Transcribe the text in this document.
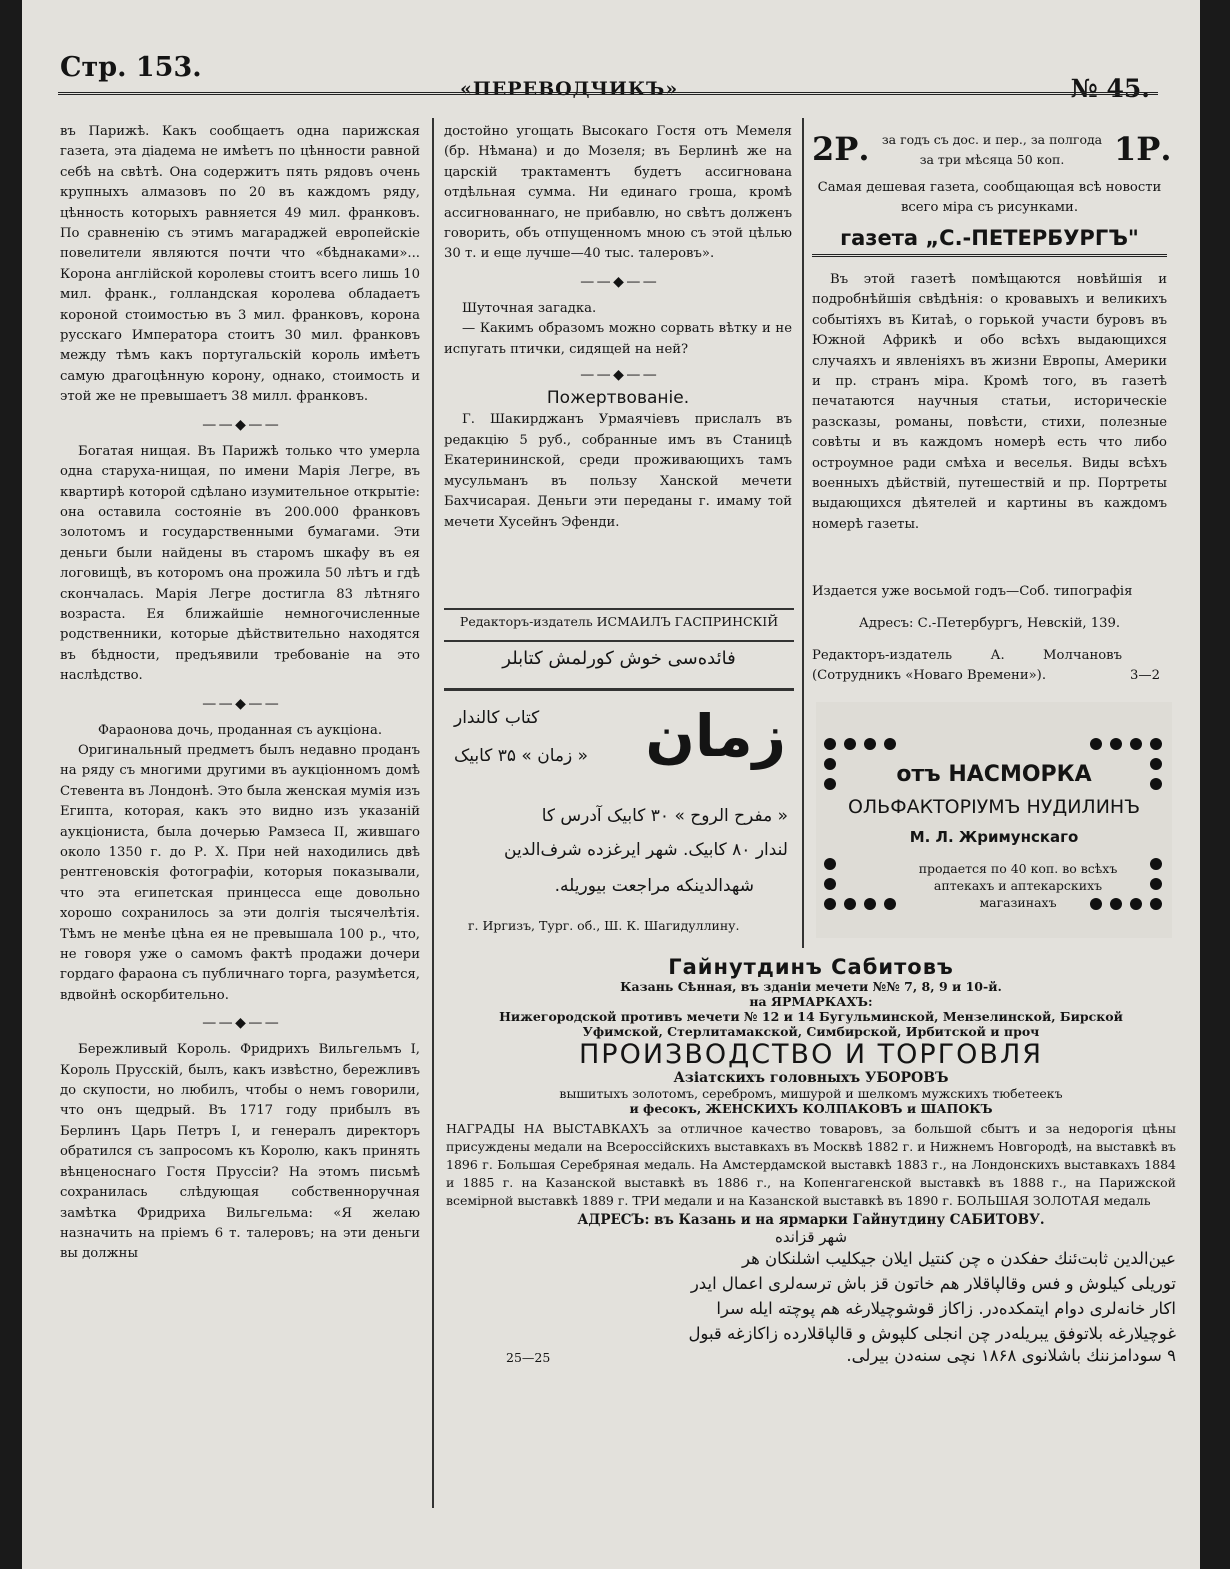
Стр. 153.
«ПЕРЕВОДЧИКЪ»	№ 45.

въ Парижѣ. Какъ сообщаетъ одна парижская газета, эта діадема не имѣетъ по цѣнности равной себѣ на свѣтѣ. Она содержитъ пять рядовъ очень крупныхъ алмазовъ по 20 въ каждомъ ряду, цѣнность которыхъ равняется 49 мил. франковъ. По сравненію съ этимъ магараджей европейскіе повелители являются почти что «бѣднаками»... Корона англійской королевы стоитъ всего лишь 10 мил. франк., голландская королева обладаетъ короной стоимостью въ 3 мил. франковъ, корона русскаго Императора стоитъ 30 мил. франковъ между тѣмъ какъ португальскій король имѣетъ самую драгоцѣнную корону, однако, стоимость и этой же не превышаетъ 38 милл. франковъ.

— — ◆ — —

Богатая нищая. Въ Парижѣ только что умерла одна старуха-нищая, по имени Марія Легре, въ квартирѣ которой сдѣлано изумительное открытіе: она оставила состояніе въ 200.000 франковъ золотомъ и государственными бумагами. Эти деньги были найдены въ старомъ шкафу въ ея логовищѣ, въ которомъ она прожила 50 лѣтъ и гдѣ скончалась. Марія Легре достигла 83 лѣтняго возраста. Ея ближайшіе немногочисленные родственники, которые дѣйствительно находятся въ бѣдности, предъявили требованіе на это наслѣдство.

— — ◆ — —
Фараонова дочь, проданная съ аукціона.

Оригинальный предметъ былъ недавно проданъ на ряду съ многими другими въ аукціонномъ домѣ Стевента въ Лондонѣ. Это была женская мумія изъ Египта, которая, какъ это видно изъ указаній аукціониста, была дочерью Рамзеса II, жившаго около 1350 г. до Р. Х. При ней находились двѣ рентгеновскія фотографіи, которыя показывали, что эта египетская принцесса еще довольно хорошо сохранилось за эти долгія тысячелѣтія. Тѣмъ не менѣе цѣна ея не превышала 100 р., что, не говоря уже о самомъ фактѣ продажи дочери гордаго фараона съ публичнаго торга, разумѣется, вдвойнѣ оскорбительно.

— — ◆ — —

Бережливый Король. Фридрихъ Вильгельмъ I, Король Прусскій, былъ, какъ извѣстно, бережливъ до скупости, но любилъ, чтобы о немъ говорили, что онъ щедрый. Въ 1717 году прибылъ въ Берлинъ Царь Петръ I, и генералъ директоръ обратился съ запросомъ къ Королю, какъ принять вѣнценоснаго Гостя Пруссіи? На этомъ письмѣ сохранилась слѣдующая собственноручная замѣтка Фридриха Вильгельма: «Я желаю назначить на пріемъ 6 т. талеровъ; на эти деньги вы должны

достойно угощать Высокаго Гостя отъ Мемеля (бр. Нѣмана) и до Мозеля; въ Берлинѣ же на царскій трактаментъ будетъ ассигнована отдѣльная сумма. Ни единаго гроша, кромѣ ассигнованнаго, не прибавлю, но свѣтъ долженъ говорить, объ отпущенномъ мною съ этой цѣлью 30 т. и еще лучше—40 тыс. талеровъ».

— — ◆ — —
Шуточная загадка.

— Какимъ образомъ можно сорвать вѣтку и не испугать птички, сидящей на ней?

— — ◆ — —
Пожертвованіе.

Г. Шакирджанъ Урмаячіевъ прислалъ въ редакцію 5 руб., собранные имъ въ Станицѣ Екатерининской, среди проживающихъ тамъ мусульманъ въ пользу Ханской мечети Бахчисарая. Деньги эти переданы г. имаму той мечети Хусейнъ Эфенди.

Редакторъ-издатель ИСМАИЛЪ ГАСПРИНСКІЙ
فائدەسی خوش کورلمش کتابلر
زمان
کتاب کالندار
« زمان » ۳۵ کابیک
« مفرح الروح » ۳۰ کابیک آدرس کا
لندار ۸۰ کابیک. شهر ایرغزده شرف‌الدین
شهدالدینکه مراجعت بیوریله.
г. Иргизъ, Тург. об., Ш. К. Шагидуллину.
2Р. за годъ съ дос. и пер., за полгода
за три мѣсяца 50 коп.	1Р.
Самая дешевая газета, сообщающая всѣ новости всего міра съ рисунками.
газета „С.-ПЕТЕРБУРГЪ"
Въ этой газетѣ помѣщаются новѣйшія и подробнѣйшія свѣдѣнія: о кровавыхъ и великихъ событіяхъ въ Китаѣ, о горькой участи буровъ въ Южной Африкѣ и обо всѣхъ выдающихся случаяхъ и явленіяхъ въ жизни Европы, Америки и пр. странъ міра. Кромѣ того, въ газетѣ печатаются научныя статьи, историческіе разсказы, романы, повѣсти, стихи, полезные совѣты и въ каждомъ номерѣ есть что либо остроумное ради смѣха и веселья. Виды всѣхъ военныхъ дѣйствій, путешествій и пр. Портреты выдающихся дѣятелей и картины въ каждомъ номерѣ газеты.
Издается уже восьмой годъ—Соб. типографія
Адресъ: С.-Петербургъ, Невскій, 139.
Редакторъ-издатель А. Молчановъ (Сотрудникъ «Новаго Времени»).	3—2
отъ НАСМОРКА
ОЛЬФАКТОРІУМЪ НУДИЛИНЪ
М. Л. Жримунскаго
продается по 40 коп. во всѣхъ аптекахъ и аптекарскихъ магазинахъ
Гайнутдинъ Сабитовъ
Казань Сѣнная, въ зданіи мечети №№ 7, 8, 9 и 10-й.
на ЯРМАРКАХЪ:
Нижегородской противъ мечети № 12 и 14 Бугульминской, Мензелинской, Бирской
Уфимской, Стерлитамакской, Симбирской, Ирбитской и проч
ПРОИЗВОДСТВО И ТОРГОВЛЯ
Азіатскихъ головныхъ УБОРОВЪ
вышитыхъ золотомъ, серебромъ, мишурой и шелкомъ мужскихъ тюбетеекъ
и фесокъ, ЖЕНСКИХЪ КОЛПАКОВЪ и ШАПОКЪ
НАГРАДЫ НА ВЫСТАВКАХЪ за отличное качество товаровъ, за большой сбытъ и за недорогія цѣны присуждены медали на Всероссійскихъ выставкахъ въ Москвѣ 1882 г. и Нижнемъ Новгородѣ, на выставкѣ въ 1896 г. Большая Серебряная медаль. На Амстердамской выставкѣ 1883 г., на Лондонскихъ выставкахъ 1884 и 1885 г. на Казанской выставкѣ въ 1886 г., на Копенгагенской выставкѣ въ 1888 г., на Парижской всемірной выставкѣ 1889 г. ТРИ медали и на Казанской выставкѣ въ 1890 г. БОЛЬШАЯ ЗОЛОТАЯ медаль
АДРЕСЪ: въ Казань и на ярмарки Гайнутдину САБИТОВУ.
شهر قزانده
عین‌الدین ثابت‌ئنك حفكدن ه چن کنتیل ایلان جیکلیب اشلنكان هر
توریلی کیلوش و فس وقالپاقلار هم خاتون قز باش ترسەلری اعمال ایدر
اکار خانه‌لری دوام ایتمکده‌در. زاکاز قوشوچیلارغه هم پوچته ایله سرا
غوچیلارغه بلاتوفق یبریله‌در چن انجلی کلپوش و قالپاقلارده زاکازغه قبول
۹ سودامزننك باشلانوی ۱۸۶۸ نچی سنه‌دن بیرلی.
25—25
